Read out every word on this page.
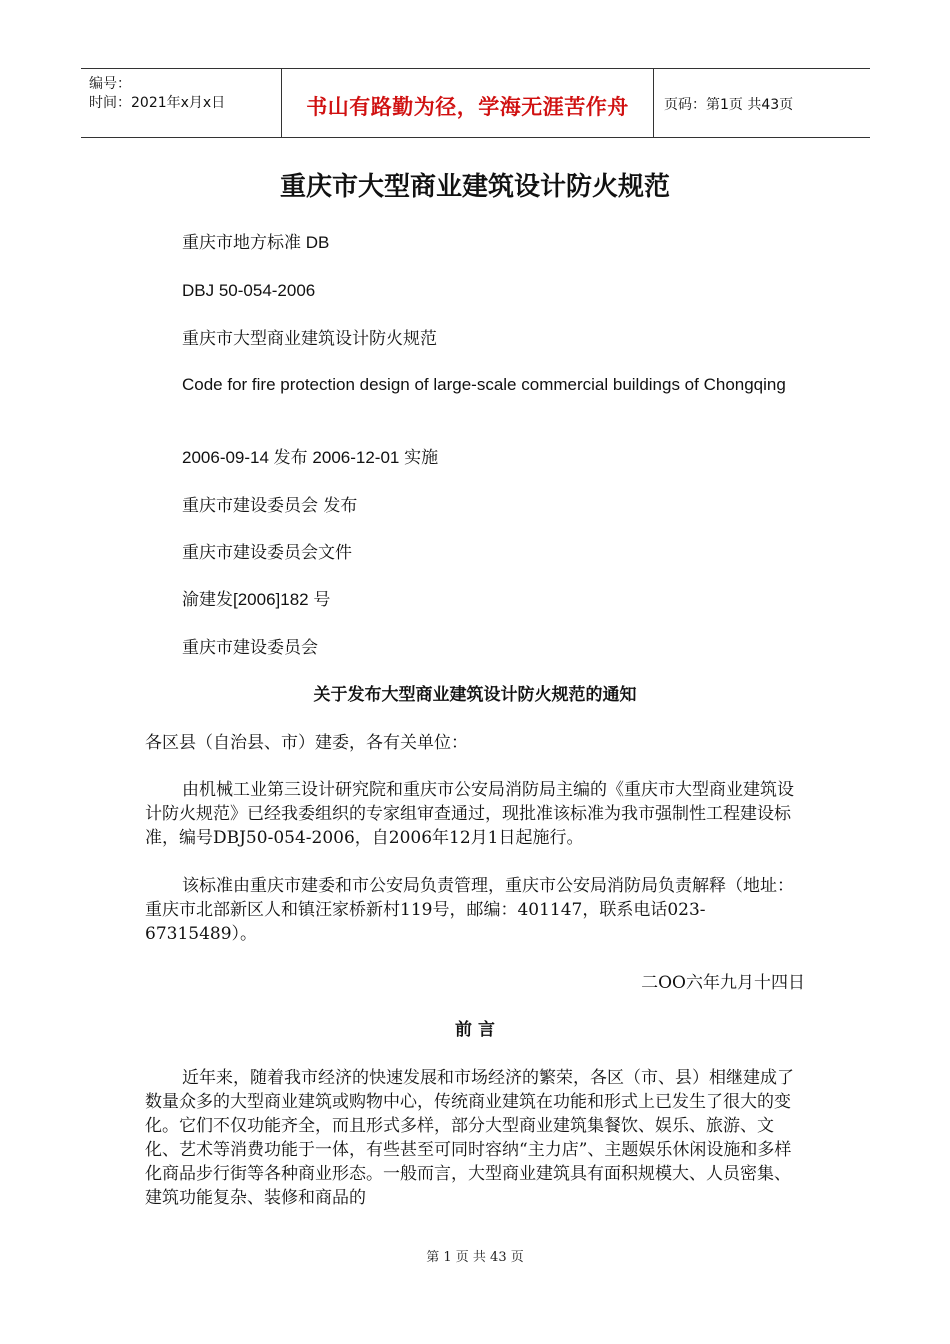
编号：
时间：2021年x月x日	书山有路勤为径，学海无涯苦作舟	页码：第1页 共43页
重庆市大型商业建筑设计防火规范
重庆市地方标准 DB
DBJ 50-054-2006
重庆市大型商业建筑设计防火规范
Code for fire protection design of large-scale commercial buildings of Chongqing
2006-09-14 发布 2006-12-01 实施
重庆市建设委员会 发布
重庆市建设委员会文件
渝建发[2006]182 号
重庆市建设委员会
关于发布大型商业建筑设计防火规范的通知
各区县（自治县、市）建委，各有关单位：
由机械工业第三设计研究院和重庆市公安局消防局主编的《重庆市大型商业建筑设计防火规范》已经我委组织的专家组审查通过，现批准该标准为我市强制性工程建设标准，编号DBJ50-054-2006，自2006年12月1日起施行。
该标准由重庆市建委和市公安局负责管理，重庆市公安局消防局负责解释（地址：重庆市北部新区人和镇汪家桥新村119号，邮编：401147，联系电话023-67315489）。
二OO六年九月十四日
前 言
近年来，随着我市经济的快速发展和市场经济的繁荣，各区（市、县）相继建成了数量众多的大型商业建筑或购物中心，传统商业建筑在功能和形式上已发生了很大的变化。它们不仅功能齐全，而且形式多样，部分大型商业建筑集餐饮、娱乐、旅游、文化、艺术等消费功能于一体，有些甚至可同时容纳“主力店”、主题娱乐休闲设施和多样化商品步行街等各种商业形态。一般而言，大型商业建筑具有面积规模大、人员密集、建筑功能复杂、装修和商品的
第 1 页 共 43 页
